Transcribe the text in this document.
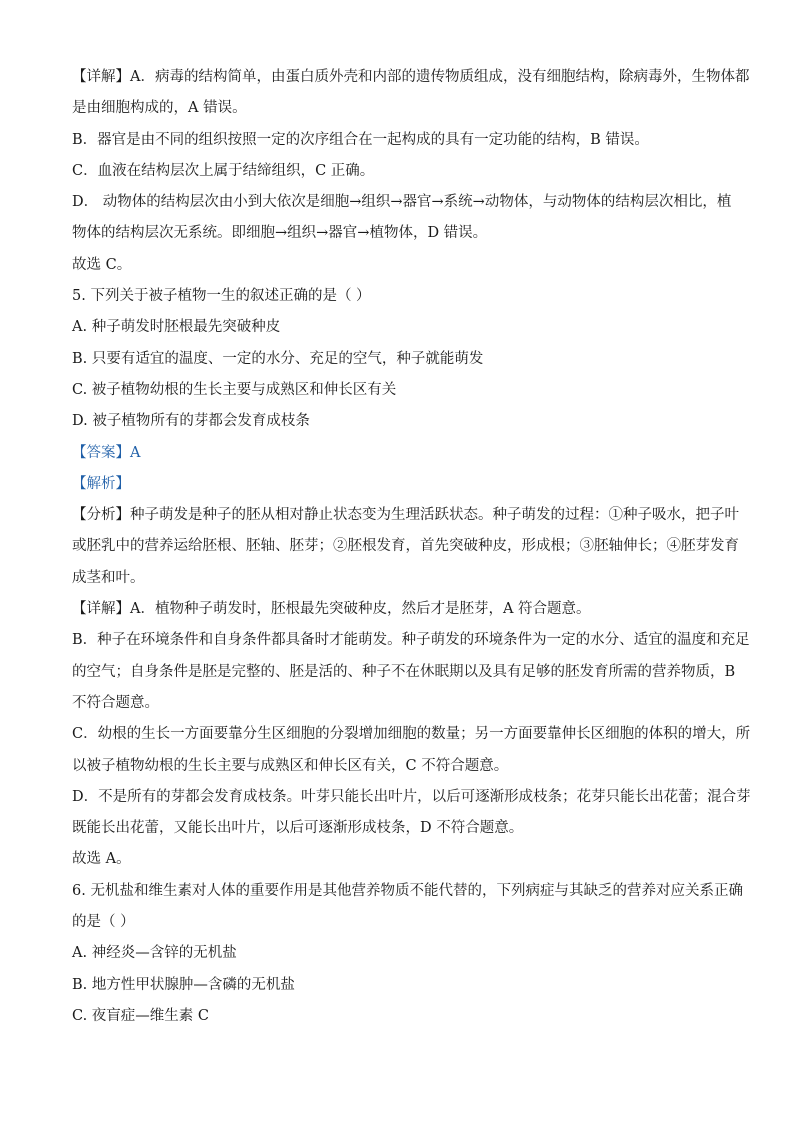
【详解】A．病毒的结构简单，由蛋白质外壳和内部的遗传物质组成，没有细胞结构，除病毒外，生物体都
是由细胞构成的，A 错误。
B．器官是由不同的组织按照一定的次序组合在一起构成的具有一定功能的结构，B 错误。
C．血液在结构层次上属于结缔组织，C 正确。
D． 动物体的结构层次由小到大依次是细胞→组织→器官→系统→动物体，与动物体的结构层次相比，植
物体的结构层次无系统。即细胞→组织→器官→植物体，D 错误。
故选 C。
5. 下列关于被子植物一生的叙述正确的是（ ）
A. 种子萌发时胚根最先突破种皮
B. 只要有适宜的温度、一定的水分、充足的空气，种子就能萌发
C. 被子植物幼根的生长主要与成熟区和伸长区有关
D. 被子植物所有的芽都会发育成枝条
【答案】A
【解析】
【分析】种子萌发是种子的胚从相对静止状态变为生理活跃状态。种子萌发的过程：①种子吸水，把子叶
或胚乳中的营养运给胚根、胚轴、胚芽；②胚根发育，首先突破种皮，形成根；③胚轴伸长；④胚芽发育
成茎和叶。
【详解】A．植物种子萌发时，胚根最先突破种皮，然后才是胚芽，A 符合题意。
B．种子在环境条件和自身条件都具备时才能萌发。种子萌发的环境条件为一定的水分、适宜的温度和充足
的空气；自身条件是胚是完整的、胚是活的、种子不在休眠期以及具有足够的胚发育所需的营养物质，B
不符合题意。
C．幼根的生长一方面要靠分生区细胞的分裂增加细胞的数量；另一方面要靠伸长区细胞的体积的增大，所
以被子植物幼根的生长主要与成熟区和伸长区有关，C 不符合题意。
D．不是所有的芽都会发育成枝条。叶芽只能长出叶片，以后可逐渐形成枝条；花芽只能长出花蕾；混合芽
既能长出花蕾，又能长出叶片，以后可逐渐形成枝条，D 不符合题意。
故选 A。
6. 无机盐和维生素对人体的重要作用是其他营养物质不能代替的，下列病症与其缺乏的营养对应关系正确
的是（ ）
A. 神经炎—含锌的无机盐
B. 地方性甲状腺肿—含磷的无机盐
C. 夜盲症—维生素 C
